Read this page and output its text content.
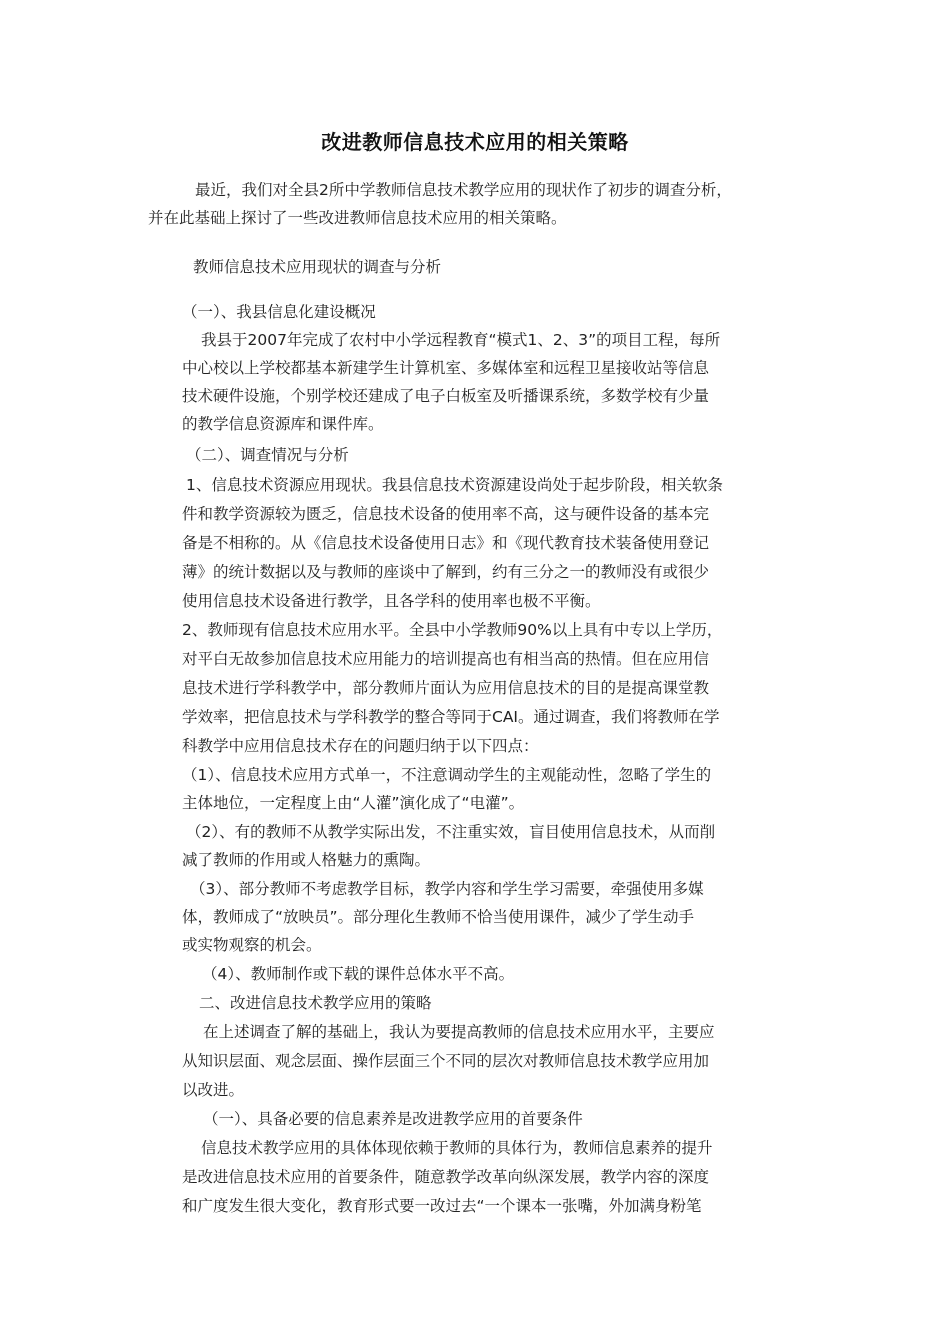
改进教师信息技术应用的相关策略
最近，我们对全县2所中学教师信息技术教学应用的现状作了初步的调查分析，
并在此基础上探讨了一些改进教师信息技术应用的相关策略。
教师信息技术应用现状的调查与分析
（一）、我县信息化建设概况
我县于2007年完成了农村中小学远程教育“模式1、2、3”的项目工程，每所
中心校以上学校都基本新建学生计算机室、多媒体室和远程卫星接收站等信息
技术硬件设施，个别学校还建成了电子白板室及听播课系统，多数学校有少量
的教学信息资源库和课件库。
（二）、调查情况与分析
1、信息技术资源应用现状。我县信息技术资源建设尚处于起步阶段，相关软条
件和教学资源较为匮乏，信息技术设备的使用率不高，这与硬件设备的基本完
备是不相称的。从《信息技术设备使用日志》和《现代教育技术装备使用登记
薄》的统计数据以及与教师的座谈中了解到，约有三分之一的教师没有或很少
使用信息技术设备进行教学，且各学科的使用率也极不平衡。
2、教师现有信息技术应用水平。全县中小学教师90%以上具有中专以上学历，
对平白无故参加信息技术应用能力的培训提高也有相当高的热情。但在应用信
息技术进行学科教学中，部分教师片面认为应用信息技术的目的是提高课堂教
学效率，把信息技术与学科教学的整合等同于CAI。通过调查，我们将教师在学
科教学中应用信息技术存在的问题归纳于以下四点：
（1）、信息技术应用方式单一，不注意调动学生的主观能动性，忽略了学生的
主体地位，一定程度上由“人灌”演化成了“电灌”。
（2）、有的教师不从教学实际出发，不注重实效，盲目使用信息技术，从而削
减了教师的作用或人格魅力的熏陶。
（3）、部分教师不考虑教学目标，教学内容和学生学习需要，牵强使用多媒
体，教师成了“放映员”。部分理化生教师不恰当使用课件，减少了学生动手
或实物观察的机会。
（4）、教师制作或下载的课件总体水平不高。
二、改进信息技术教学应用的策略
在上述调查了解的基础上，我认为要提高教师的信息技术应用水平，主要应
从知识层面、观念层面、操作层面三个不同的层次对教师信息技术教学应用加
以改进。
（一）、具备必要的信息素养是改进教学应用的首要条件
信息技术教学应用的具体体现依赖于教师的具体行为，教师信息素养的提升
是改进信息技术应用的首要条件，随意教学改革向纵深发展，教学内容的深度
和广度发生很大变化，教育形式要一改过去“一个课本一张嘴，外加满身粉笔
